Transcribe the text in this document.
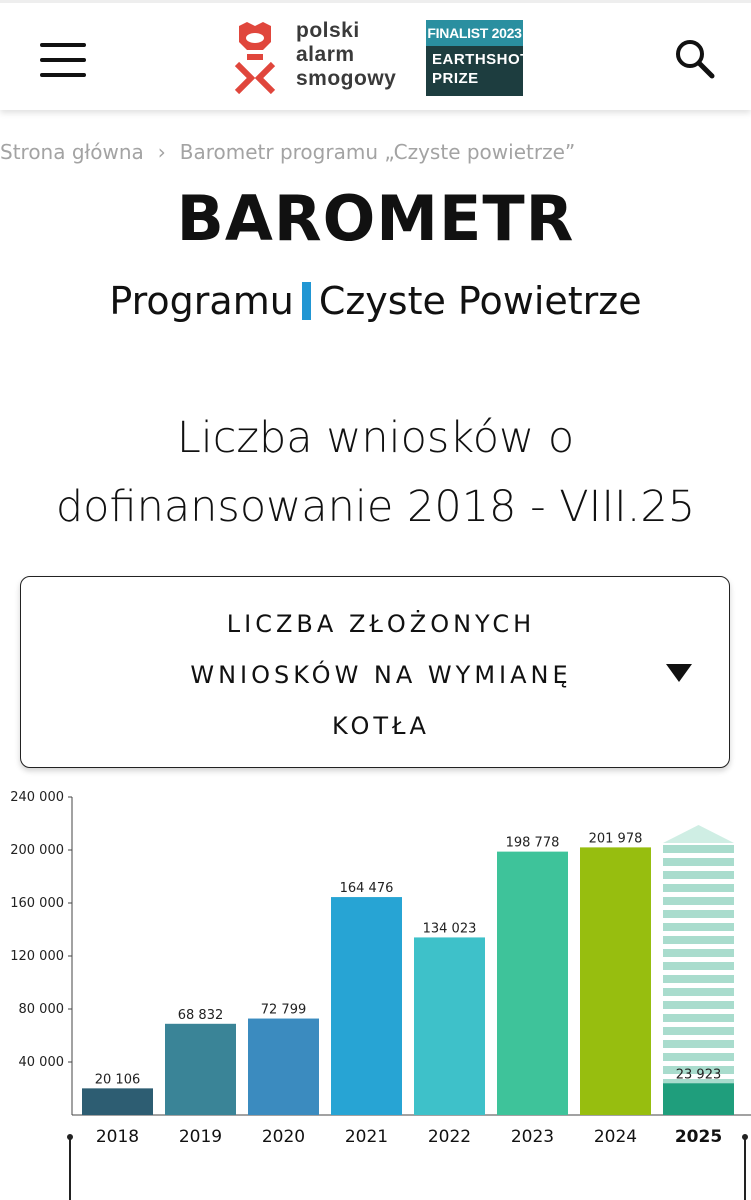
polski
alarm
smogowy
FINALIST 2023
EARTHSHOT
PRIZE
Strona główna › Barometr programu „Czyste powietrze”
BAROMETR
Programu Czyste Powietrze
Liczba wniosków o
dofinansowanie 2018 - VIII.25
LICZBA ZŁOŻONYCH
WNIOSKÓW NA WYMIANĘ
KOTŁA
40 000
80 000
120 000
160 000
200 000
240 000
20 106
2018
68 832
2019
72 799
2020
164 476
2021
134 023
2022
198 778
2023
201 978
2024
23 923
2025
